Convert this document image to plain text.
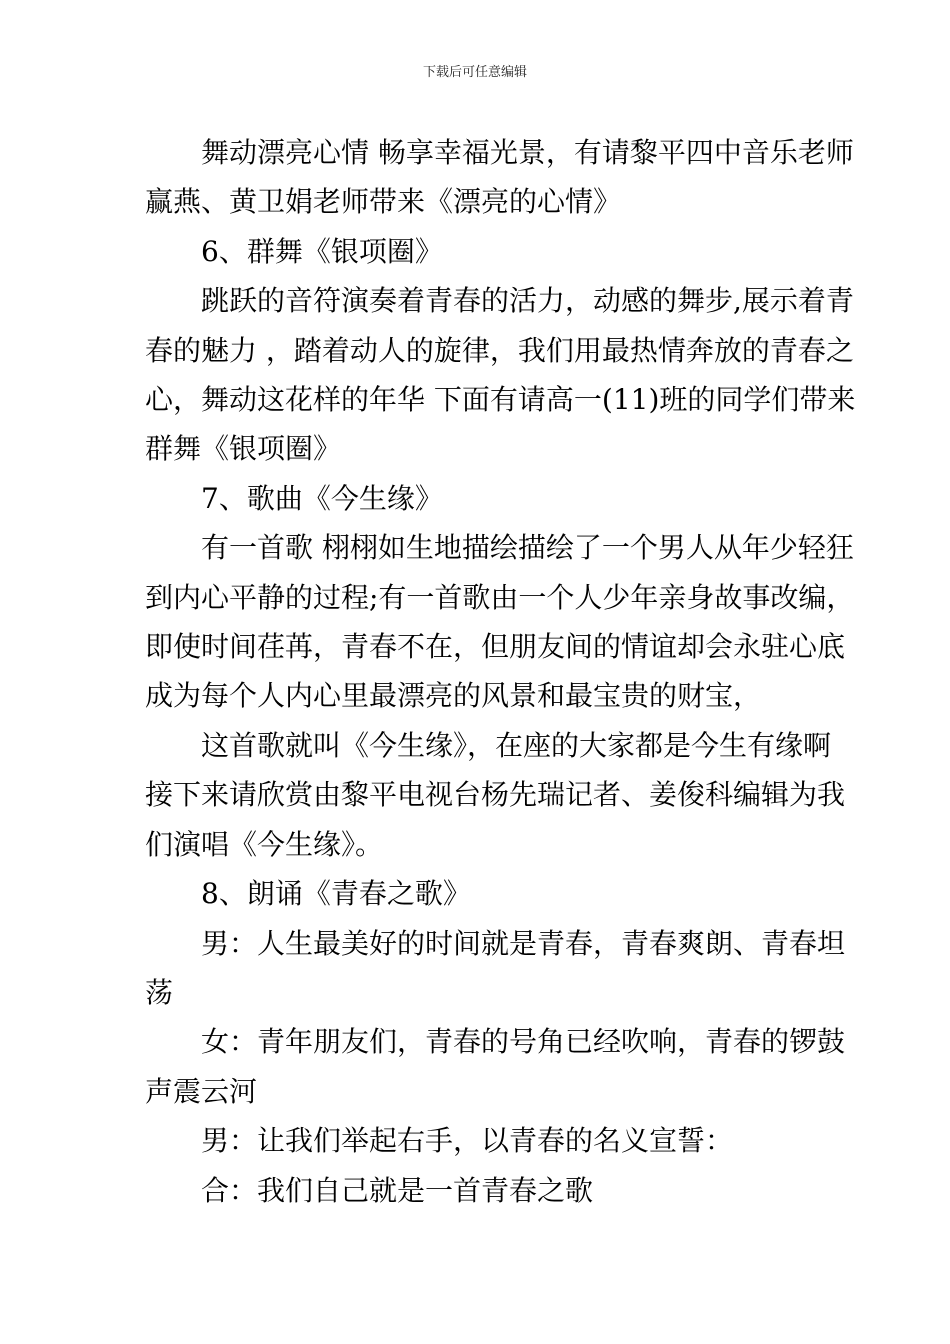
下载后可任意编辑

舞动漂亮心情 畅享幸福光景，有请黎平四中音乐老师
赢燕、黄卫娟老师带来《漂亮的心情》

6、群舞《银项圈》

跳跃的音符演奏着青春的活力，动感的舞步,展示着青
春的魅力 ，踏着动人的旋律，我们用最热情奔放的青春之
心，舞动这花样的年华 下面有请高一(11)班的同学们带来
群舞《银项圈》

7、歌曲《今生缘》

有一首歌 栩栩如生地描绘描绘了一个男人从年少轻狂
到内心平静的过程;有一首歌由一个人少年亲身故事改编，
即使时间荏苒，青春不在，但朋友间的情谊却会永驻心底
成为每个人内心里最漂亮的风景和最宝贵的财宝，

这首歌就叫《今生缘》，在座的大家都是今生有缘啊
接下来请欣赏由黎平电视台杨先瑞记者、姜俊科编辑为我
们演唱《今生缘》。

8、朗诵《青春之歌》

男：人生最美好的时间就是青春，青春爽朗、青春坦
荡

女：青年朋友们，青春的号角已经吹响，青春的锣鼓
声震云河

男：让我们举起右手，以青春的名义宣誓：

合：我们自己就是一首青春之歌
